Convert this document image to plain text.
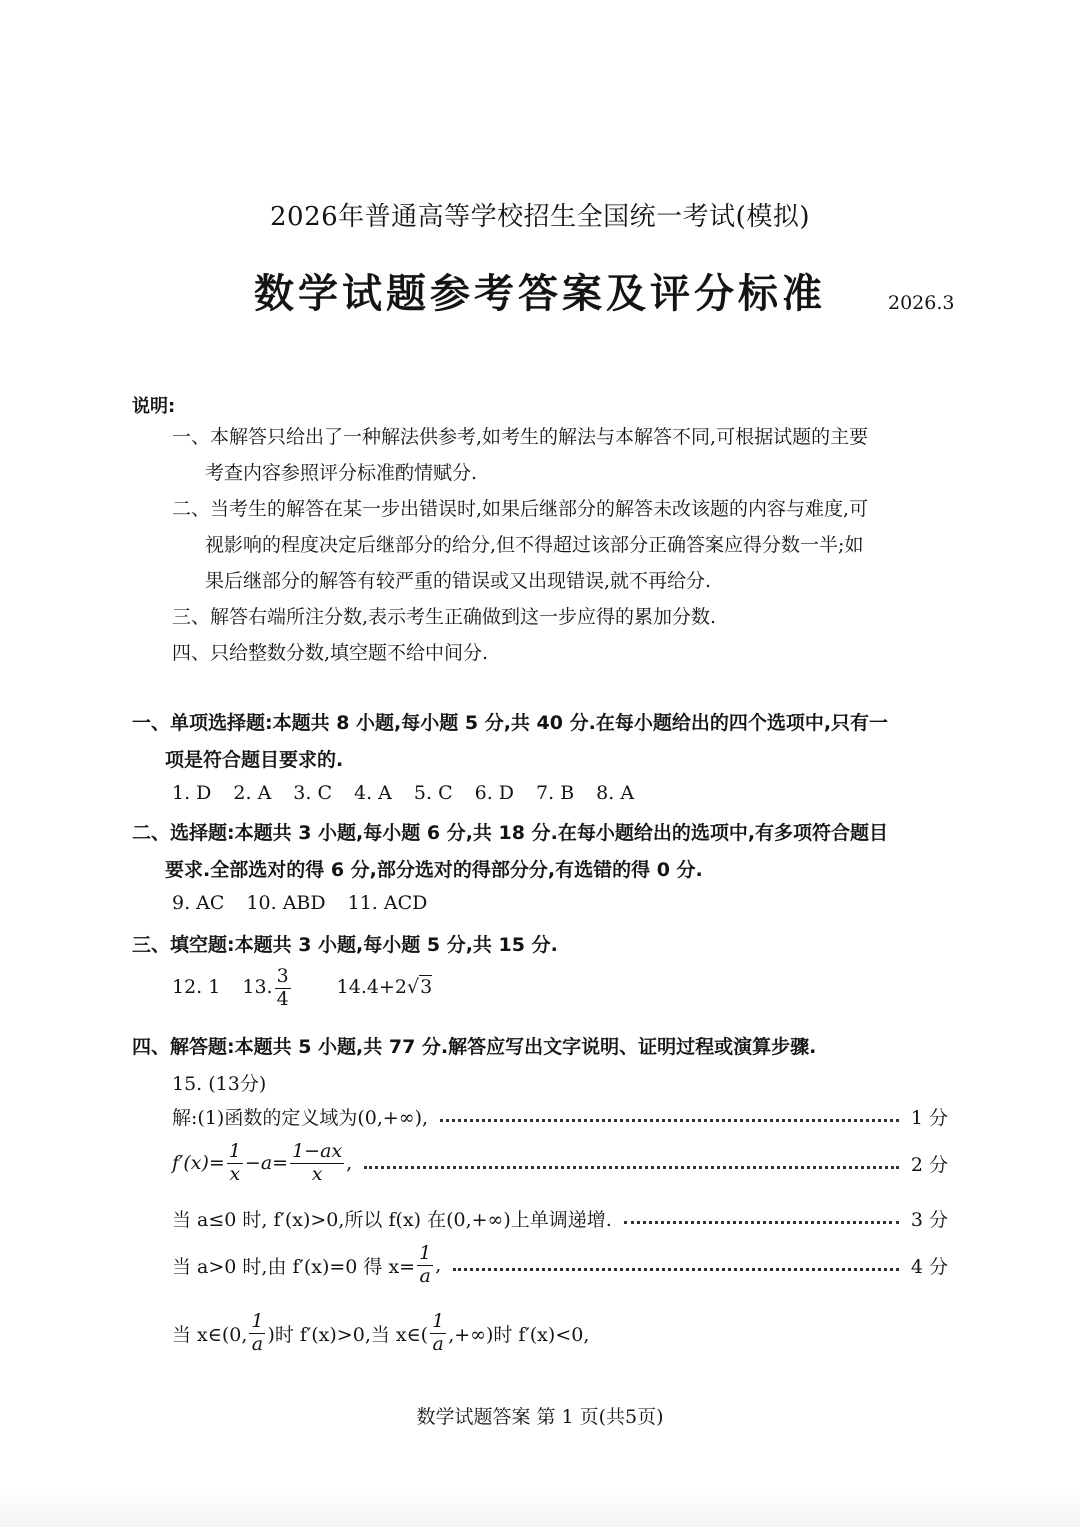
2026年普通高等学校招生全国统一考试(模拟)
数学试题参考答案及评分标准	2026.3
说明:
一、本解答只给出了一种解法供参考,如考生的解法与本解答不同,可根据试题的主要
考查内容参照评分标准酌情赋分.
二、当考生的解答在某一步出错误时,如果后继部分的解答未改该题的内容与难度,可
视影响的程度决定后继部分的给分,但不得超过该部分正确答案应得分数一半;如
果后继部分的解答有较严重的错误或又出现错误,就不再给分.
三、解答右端所注分数,表示考生正确做到这一步应得的累加分数.
四、只给整数分数,填空题不给中间分.
一、单项选择题:本题共 8 小题,每小题 5 分,共 40 分.在每小题给出的四个选项中,只有一
项是符合题目要求的.
1. D 2. A 3. C 4. A 5. C 6. D 7. B 8. A
二、选择题:本题共 3 小题,每小题 6 分,共 18 分.在每小题给出的选项中,有多项符合题目
要求.全部选对的得 6 分,部分选对的得部分分,有选错的得 0 分.
9. AC 10. ABD 11. ACD
三、填空题:本题共 3 小题,每小题 5 分,共 15 分.
12. 1 13. $\frac{3}{4} 14.4+2√3$
四、解答题:本题共 5 小题,共 77 分.解答应写出文字说明、证明过程或演算步骤.
15. (13分)
解:(1)函数的定义域为(0,+∞),	1 分
$f'(x)= \frac{1}{x} -a= \frac{1-ax}{x}$ ,	2 分
当 a≤0 时, f′(x)>0,所以 f(x) 在(0,+∞)上单调递增.	3 分
当 a>0 时,由 f′(x)=0 得 $x= \frac{1}{a}$ ,	4 分
当 x∈(0, $\frac{1}{a}$ )时 f′(x)>0,当 x∈( $\frac{1}{a}$ ,+∞)时 f′(x)<0,
数学试题答案 第 1 页(共5页)
